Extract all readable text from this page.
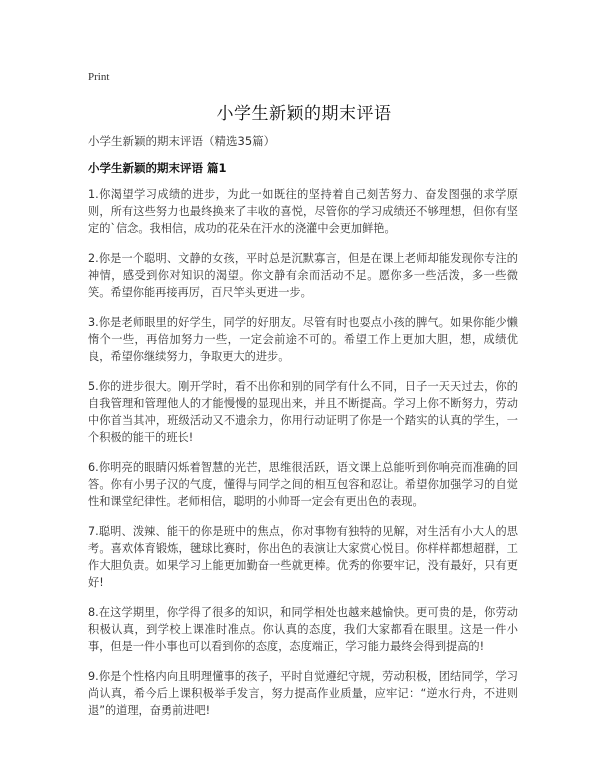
Print
小学生新颖的期末评语
小学生新颖的期末评语（精选35篇）
小学生新颖的期末评语 篇1

1.你渴望学习成绩的进步，为此一如既往的坚持着自己刻苦努力、奋发图强的求学原则，所有这些努力也最终换来了丰收的喜悦，尽管你的学习成绩还不够理想，但你有坚定的`信念。我相信，成功的花朵在汗水的浇灌中会更加鲜艳。

2.你是一个聪明、文静的女孩，平时总是沉默寡言，但是在课上老师却能发现你专注的神情，感受到你对知识的渴望。你文静有余而活动不足。愿你多一些活泼，多一些微笑。希望你能再接再厉，百尺竿头更进一步。

3.你是老师眼里的好学生，同学的好朋友。尽管有时也耍点小孩的脾气。如果你能少懒惰个一些，再倍加努力一些，一定会前途不可的。希望工作上更加大胆，想，成绩优良，希望你继续努力，争取更大的进步。

5.你的进步很大。刚开学时，看不出你和别的同学有什么不同，日子一天天过去，你的自我管理和管理他人的才能慢慢的显现出来，并且不断提高。学习上你不断努力，劳动中你首当其冲，班级活动又不遗余力，你用行动证明了你是一个踏实的认真的学生，一个积极的能干的班长!

6.你明亮的眼睛闪烁着智慧的光芒，思维很活跃，语文课上总能听到你响亮而准确的回答。你有小男子汉的气度，懂得与同学之间的相互包容和忍让。希望你加强学习的自觉性和课堂纪律性。老师相信，聪明的小帅哥一定会有更出色的表现。

7.聪明、泼辣、能干的你是班中的焦点，你对事物有独特的见解，对生活有小大人的思考。喜欢体育锻炼，毽球比赛时，你出色的表演让大家赏心悦目。你样样都想超群，工作大胆负责。如果学习上能更加勤奋一些就更棒。优秀的你要牢记，没有最好，只有更好!

8.在这学期里，你学得了很多的知识，和同学相处也越来越愉快。更可贵的是，你劳动积极认真，到学校上课准时准点。你认真的态度，我们大家都看在眼里。这是一件小事，但是一件小事也可以看到你的态度，态度端正，学习能力最终会得到提高的!

9.你是个性格内向且明理懂事的孩子，平时自觉遵纪守规，劳动积极，团结同学，学习尚认真，希今后上课积极举手发言，努力提高作业质量，应牢记：“逆水行舟，不进则退”的道理，奋勇前进吧!
